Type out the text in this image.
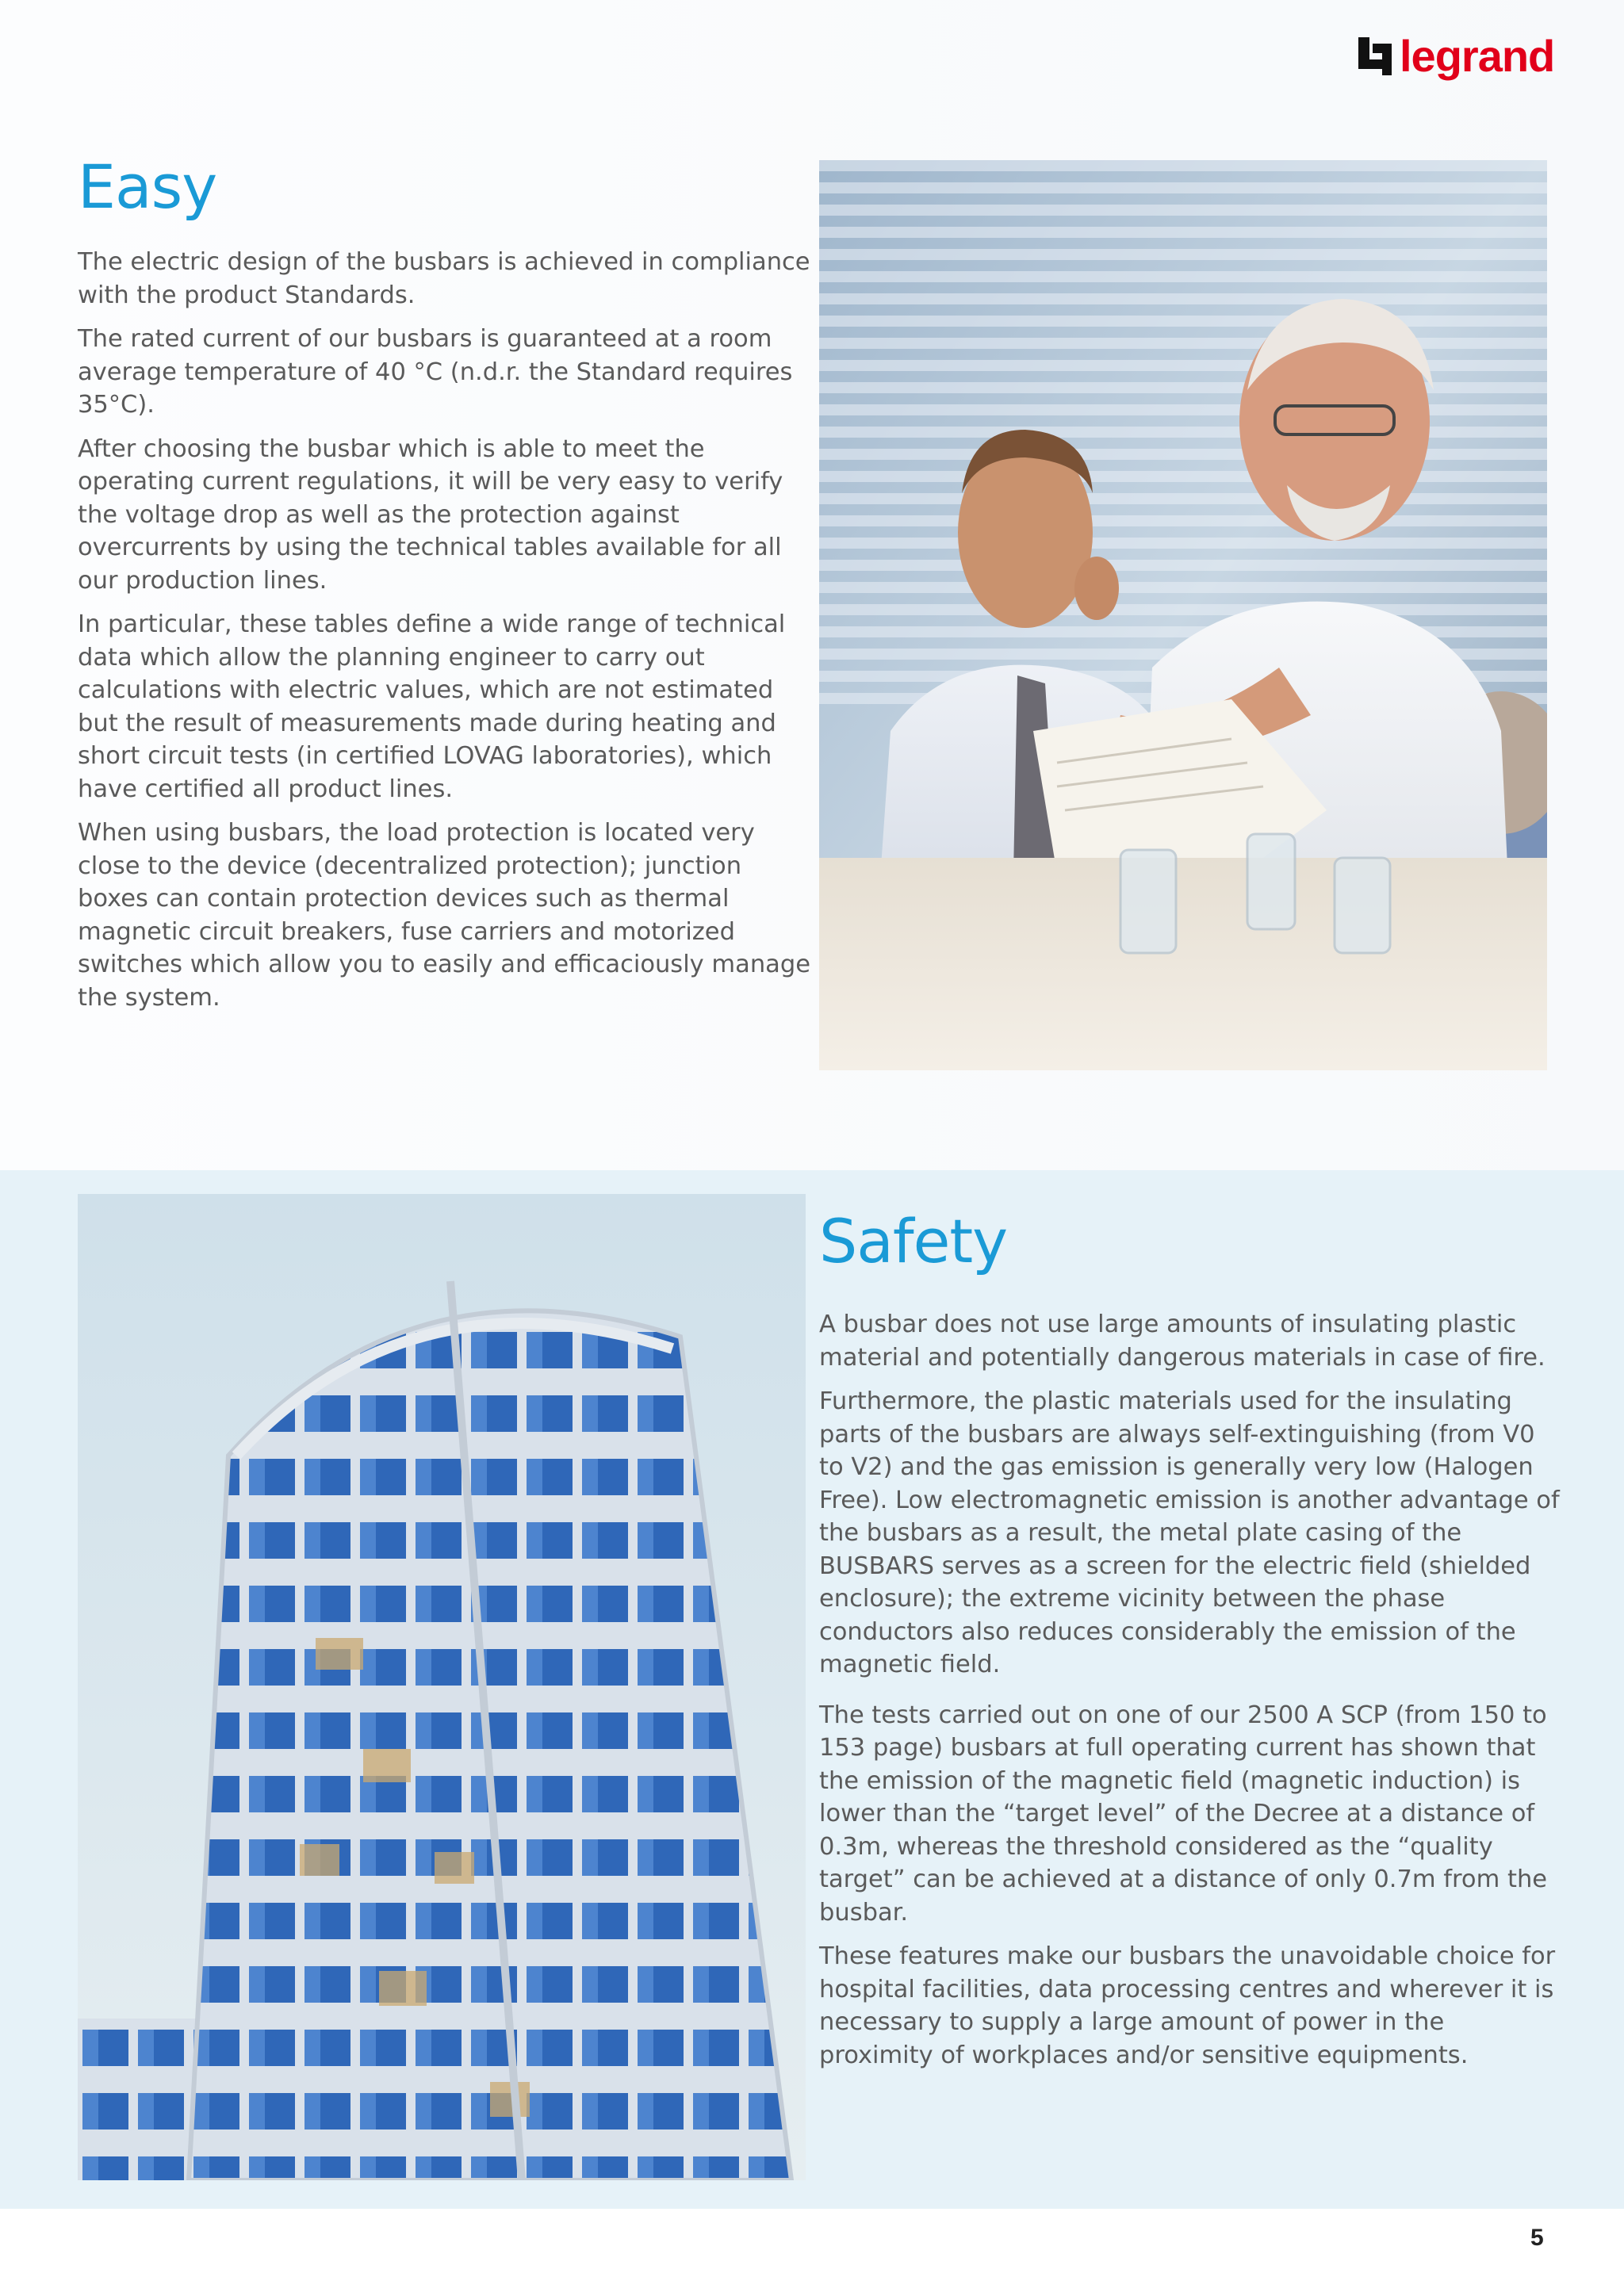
legrand
Easy

The electric design of the busbars is achieved in compliance with the product Standards.

The rated current of our busbars is guaranteed at a room average temperature of 40 °C (n.d.r. the Standard requires 35°C).

After choosing the busbar which is able to meet the operating current regulations, it will be very easy to verify the voltage drop as well as the protection against overcurrents by using the technical tables available for all our production lines.

In particular, these tables define a wide range of technical data which allow the planning engineer to carry out calculations with electric values, which are not estimated but the result of measurements made during heating and short circuit tests (in certified LOVAG laboratories), which have certified all product lines.

When using busbars, the load protection is located very close to the device (decentralized protection); junction boxes can contain protection devices such as thermal magnetic circuit breakers, fuse carriers and motorized switches which allow you to easily and efficaciously manage the system.

Safety

A busbar does not use large amounts of insulating plastic material and potentially dangerous materials in case of fire.

Furthermore, the plastic materials used for the insulating parts of the busbars are always self-extinguishing (from V0 to V2) and the gas emission is generally very low (Halogen Free). Low electromagnetic emission is another advantage of the busbars as a result, the metal plate casing of the BUSBARS serves as a screen for the electric field (shielded enclosure); the extreme vicinity between the phase conductors also reduces considerably the emission of the magnetic field.

The tests carried out on one of our 2500 A SCP (from 150 to 153 page) busbars at full operating current has shown that the emission of the magnetic field (magnetic induction) is lower than the “target level” of the Decree at a distance of 0.3m, whereas the threshold considered as the “quality target” can be achieved at a distance of only 0.7m from the busbar.

These features make our busbars the unavoidable choice for hospital facilities, data processing centres and wherever it is necessary to supply a large amount of power in the proximity of workplaces and/or sensitive equipments.

5
